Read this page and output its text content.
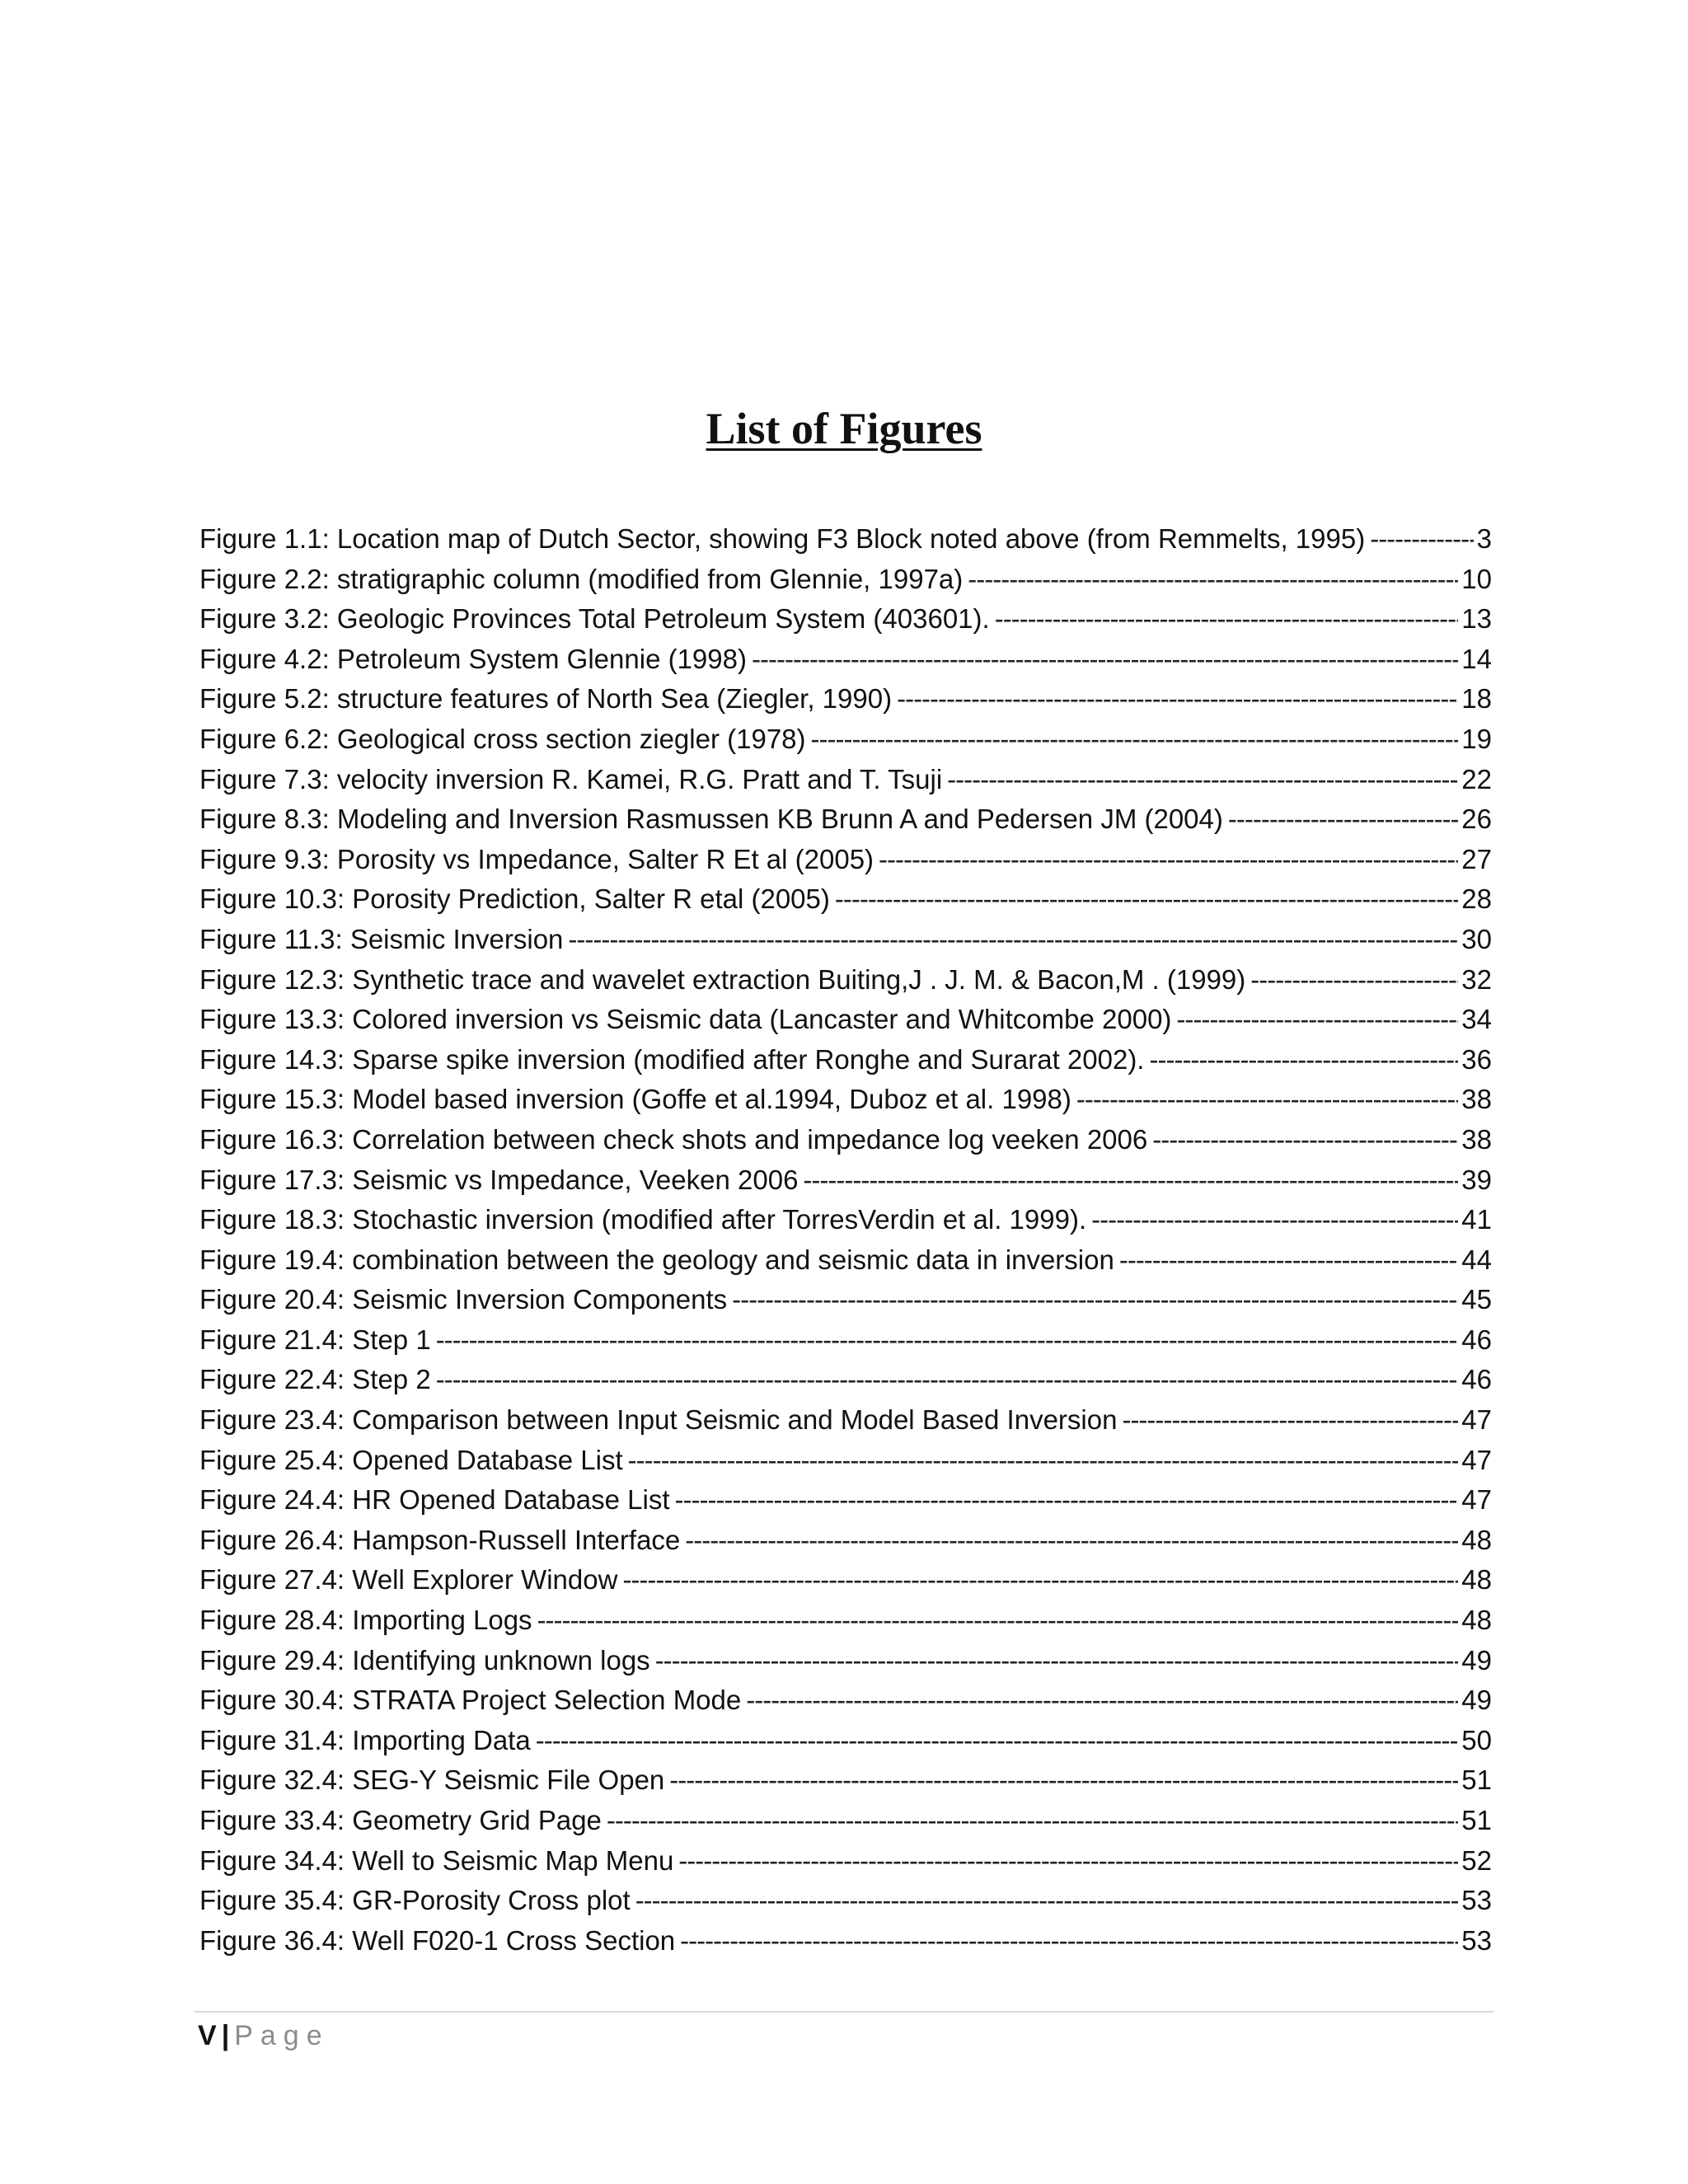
List of Figures
Figure 1.1: Location map of Dutch Sector, showing F3 Block noted above (from Remmelts, 1995) -----	3
Figure 2.2: stratigraphic column (modified from Glennie, 1997a) -----	10
Figure 3.2: Geologic Provinces Total Petroleum System (403601). -----	13
Figure 4.2: Petroleum System Glennie (1998) -----	14
Figure 5.2: structure features of North Sea (Ziegler, 1990) -----	18
Figure 6.2: Geological cross section ziegler (1978) -----	19
Figure 7.3: velocity inversion R. Kamei, R.G. Pratt and T. Tsuji -----	22
Figure 8.3: Modeling and Inversion Rasmussen KB Brunn A and Pedersen JM (2004) -----	26
Figure 9.3: Porosity vs Impedance, Salter R Et al (2005) -----	27
Figure 10.3: Porosity Prediction, Salter R etal (2005) -----	28
Figure 11.3: Seismic Inversion -----	30
Figure 12.3: Synthetic trace and wavelet extraction Buiting,J . J. M. & Bacon,M . (1999) -----	32
Figure 13.3: Colored inversion vs Seismic data (Lancaster and Whitcombe 2000) -----	34
Figure 14.3: Sparse spike inversion (modified after Ronghe and Surarat 2002). -----	36
Figure 15.3: Model based inversion (Goffe et al.1994, Duboz et al. 1998) -----	38
Figure 16.3: Correlation between check shots and impedance log veeken 2006 -----	38
Figure 17.3: Seismic vs Impedance, Veeken 2006 -----	39
Figure 18.3: Stochastic inversion (modified after TorresVerdin et al. 1999). -----	41
Figure 19.4: combination between the geology and seismic data in inversion -----	44
Figure 20.4: Seismic Inversion Components -----	45
Figure 21.4: Step 1 -----	46
Figure 22.4: Step 2 -----	46
Figure 23.4: Comparison between Input Seismic and Model Based Inversion -----	47
Figure 25.4: Opened Database List -----	47
Figure 24.4: HR Opened Database List -----	47
Figure 26.4: Hampson-Russell Interface -----	48
Figure 27.4: Well Explorer Window -----	48
Figure 28.4: Importing Logs -----	48
Figure 29.4: Identifying unknown logs -----	49
Figure 30.4: STRATA Project Selection Mode -----	49
Figure 31.4: Importing Data -----	50
Figure 32.4: SEG-Y Seismic File Open -----	51
Figure 33.4: Geometry Grid Page -----	51
Figure 34.4: Well to Seismic Map Menu -----	52
Figure 35.4: GR-Porosity Cross plot -----	53
Figure 36.4: Well F020-1 Cross Section -----	53
V | Page
